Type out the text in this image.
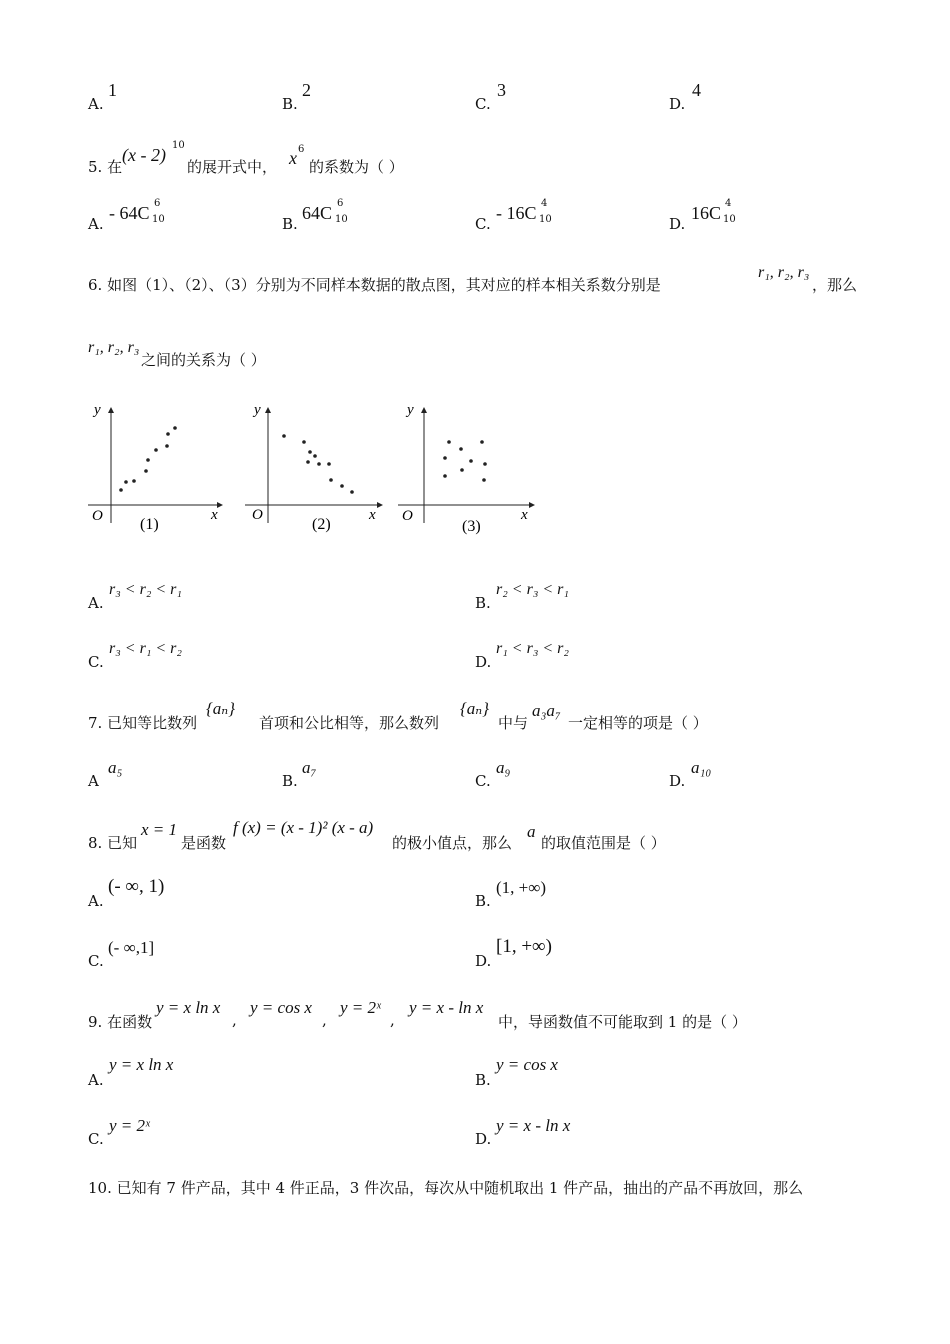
A.
1
B.
2
C.
3
D.
4
5. 在
(x - 2) 10
的展开式中， x 6
的系数为（ ）
A.
- 64C 6
10	B.
64C 6
10	C.
- 16C 4
10	D.
16C 4
10
6. 如图（1）、（2）、（3）分别为不同样本数据的散点图，其对应的样本相关系数分别是
r₁, r₂, r₃
，那么
r₁, r₂, r₃
之间的关系为（ ）
y
x
O (1)
y
x
O
(2)
y
x
O
(3)
A.
r₃ < r₂ < r₁
B.
r₂ < r₃ < r₁
C.
r₃ < r₁ < r₂
D.
r₁ < r₃ < r₂
7. 已知等比数列
{aₙ}
首项和公比相等，那么数列
{aₙ}
中与
a₃a₇
一定相等的项是（ ）
A
a₅
B.
a₇
C.
a₉
D.
a₁₀
8. 已知
x = 1
是函数
f (x) = (x - 1)² (x - a)
的极小值点，那么
a
的取值范围是（ ）
A.
(- ∞, 1)
B.
(1, +∞)
C.
(- ∞,1]
D.
[1, +∞)
9. 在函数
y = x ln x
,
y = cos x
,
y = 2ˣ
,
y = x - ln x
中，导函数值不可能取到 1 的是（ ）
A.
y = x ln x
B.
y = cos x
C.
y = 2ˣ
D.
y = x - ln x
10. 已知有 7 件产品，其中 4 件正品，3 件次品，每次从中随机取出 1 件产品，抽出的产品不再放回，那么
